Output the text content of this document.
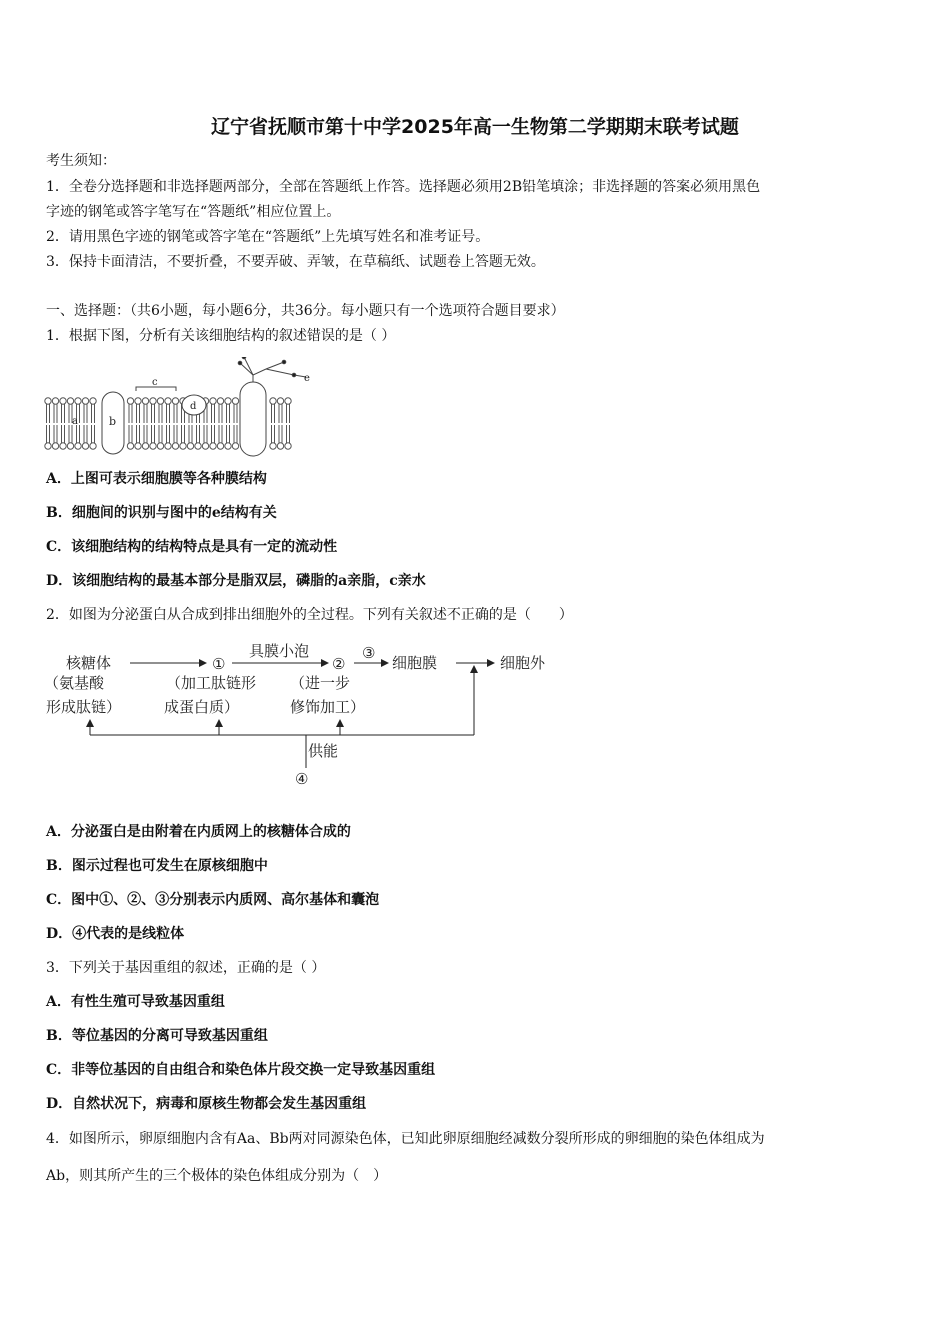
辽宁省抚顺市第十中学2025年高一生物第二学期期末联考试题
考生须知：
1．全卷分选择题和非选择题两部分，全部在答题纸上作答。选择题必须用2B铅笔填涂；非选择题的答案必须用黑色
字迹的钢笔或答字笔写在“答题纸”相应位置上。
2．请用黑色字迹的钢笔或答字笔在“答题纸”上先填写姓名和准考证号。
3．保持卡面清洁，不要折叠，不要弄破、弄皱，在草稿纸、试题卷上答题无效。
一、选择题：（共6小题，每小题6分，共36分。每小题只有一个选项符合题目要求）
1．根据下图，分析有关该细胞结构的叙述错误的是（ ）
a	b
c
d
e
A．上图可表示细胞膜等各种膜结构
B．细胞间的识别与图中的e结构有关
C．该细胞结构的结构特点是具有一定的流动性
D．该细胞结构的最基本部分是脂双层，磷脂的a亲脂，c亲水
2．如图为分泌蛋白从合成到排出细胞外的全过程。下列有关叙述不正确的是（　　）
核糖体
（氨基酸
形成肽链）
①
（加工肽链形
成蛋白质）
具膜小泡
②
（进一步
修饰加工）
③
细胞膜	细胞外
供能
④
A．分泌蛋白是由附着在内质网上的核糖体合成的
B．图示过程也可发生在原核细胞中
C．图中①、②、③分别表示内质网、高尔基体和囊泡
D．④代表的是线粒体
3．下列关于基因重组的叙述，正确的是（ ）
A．有性生殖可导致基因重组
B．等位基因的分离可导致基因重组
C．非等位基因的自由组合和染色体片段交换一定导致基因重组
D．自然状况下，病毒和原核生物都会发生基因重组
4．如图所示，卵原细胞内含有Aa、Bb两对同源染色体，已知此卵原细胞经减数分裂所形成的卵细胞的染色体组成为
Ab，则其所产生的三个极体的染色体组成分别为（　）
